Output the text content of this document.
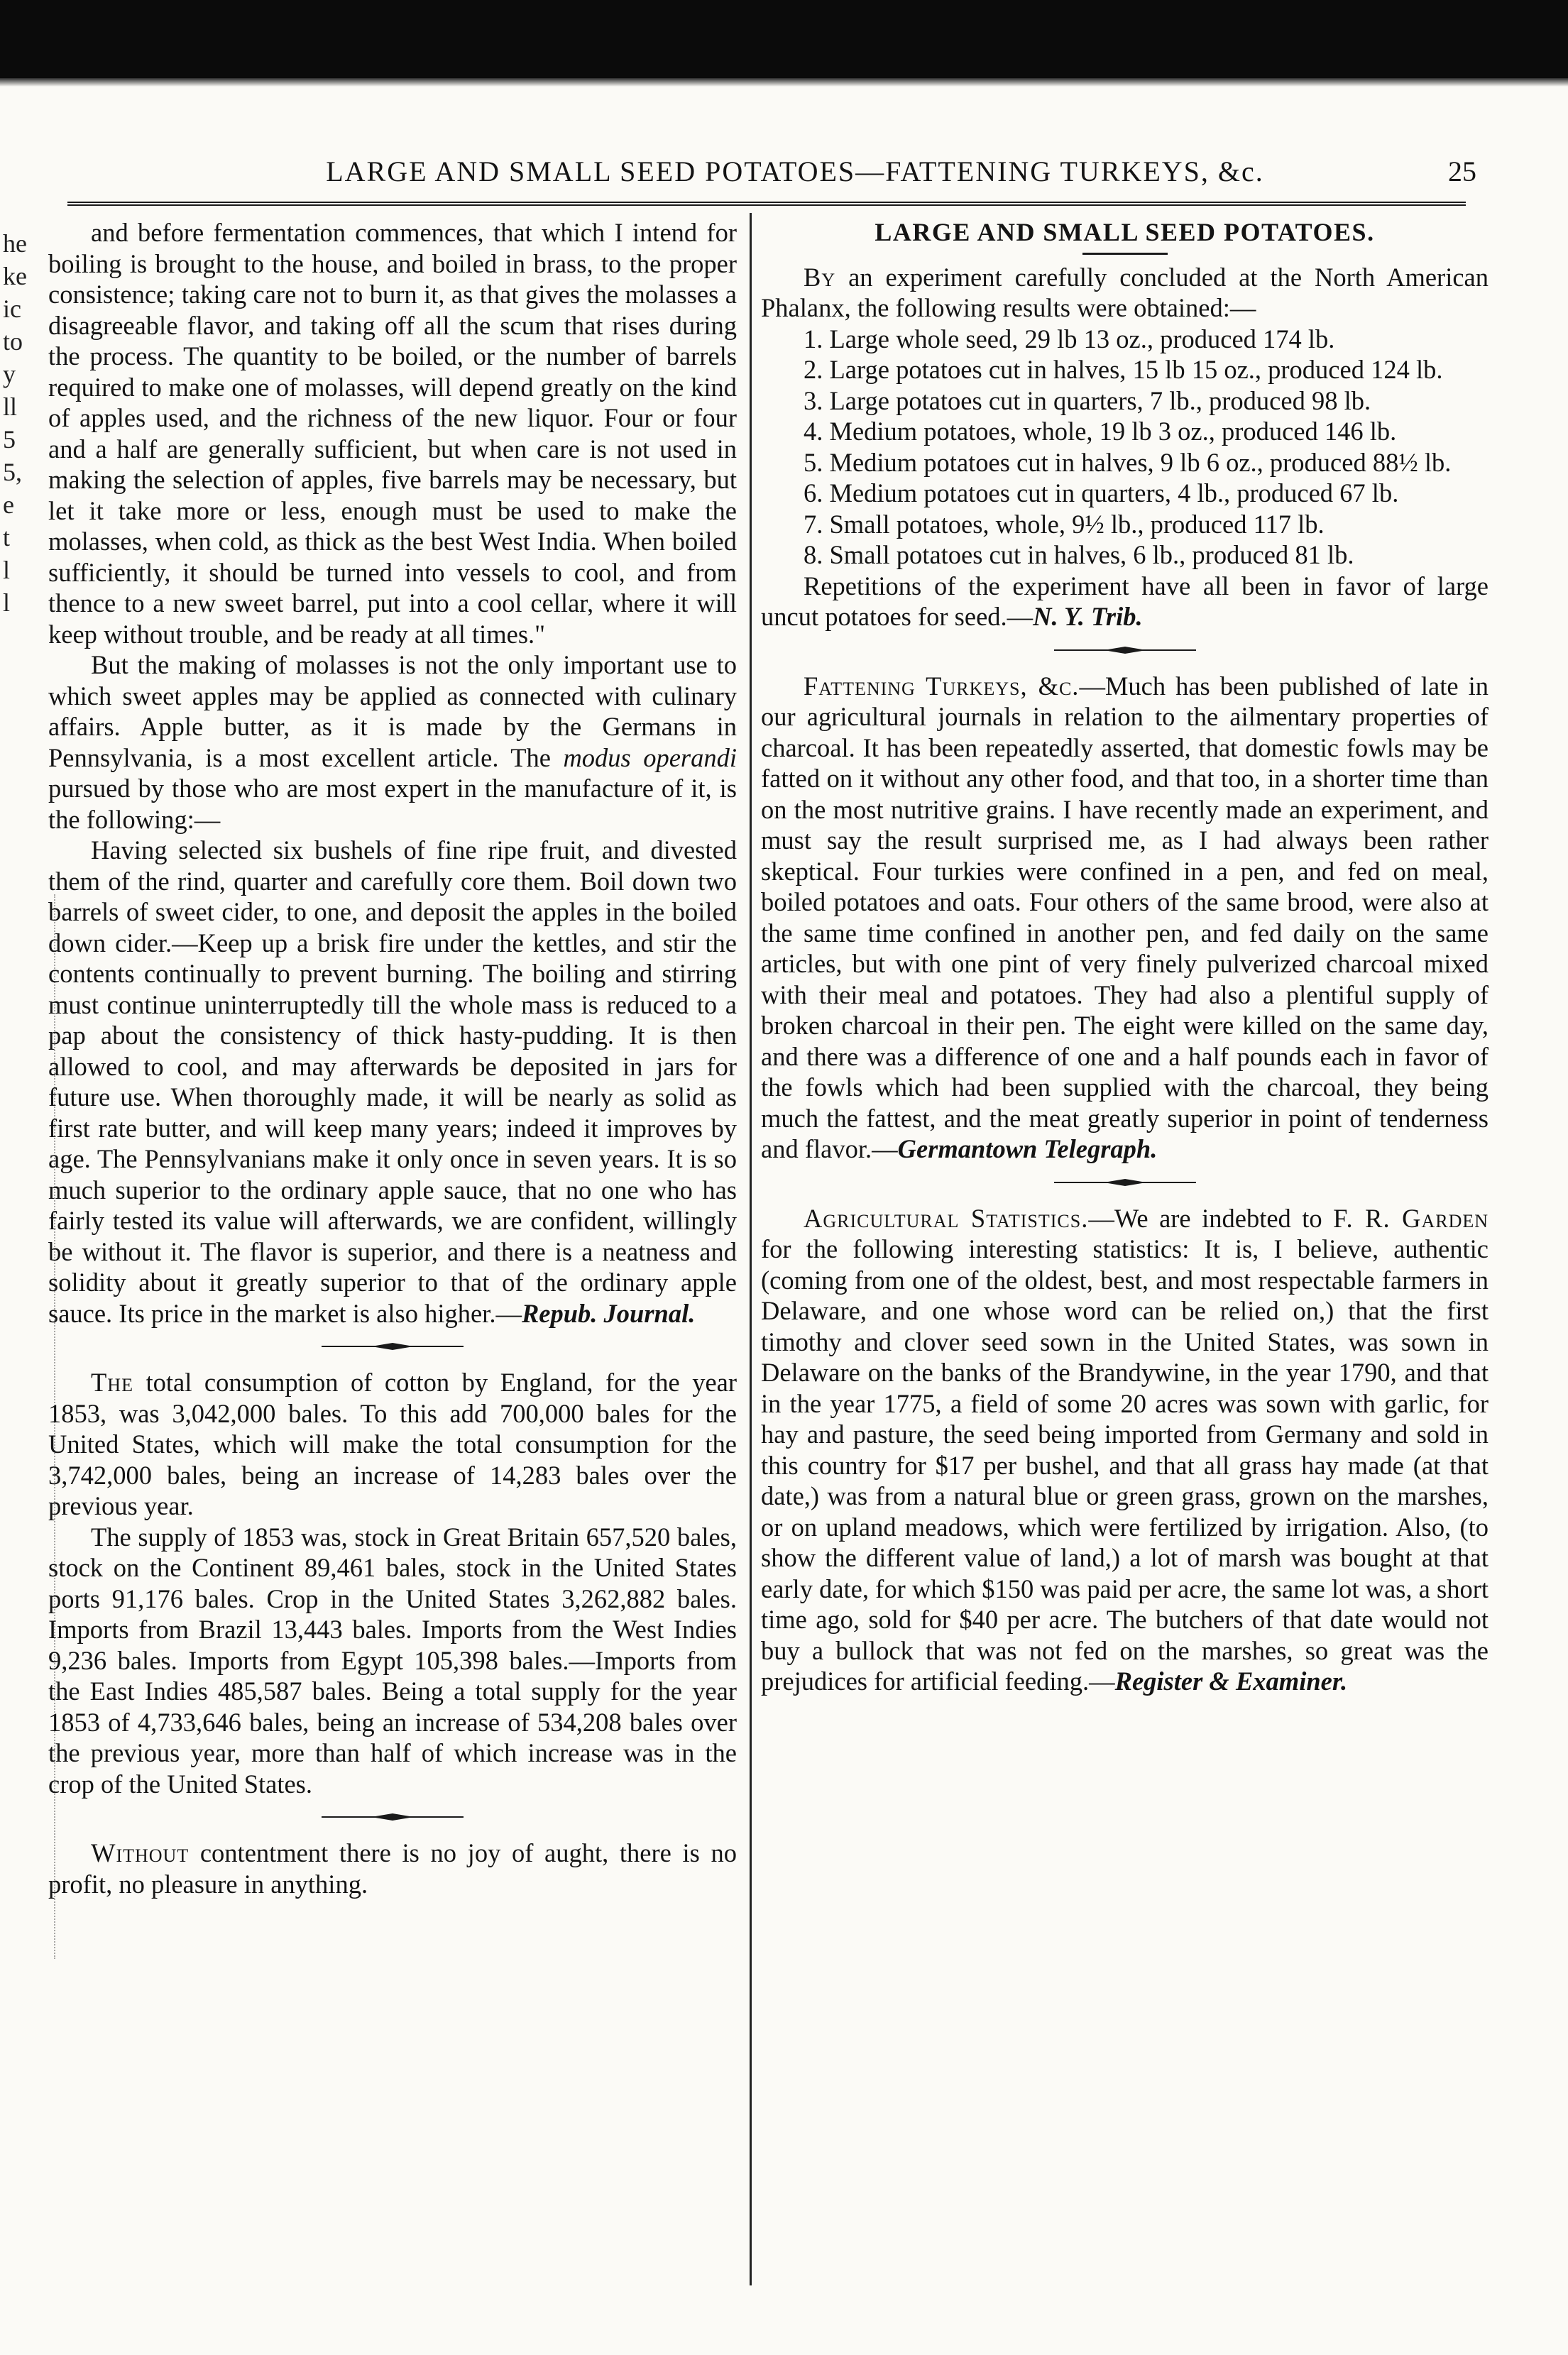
LARGE AND SMALL SEED POTATOES—FATTENING TURKEYS, &c.	25
he
ke
ic
to
y
ll
5
5,
e
t
l
l

and before fermentation commences, that which I intend for boiling is brought to the house, and boiled in brass, to the proper consistence; taking care not to burn it, as that gives the molasses a disagreeable flavor, and taking off all the scum that rises during the process. The quantity to be boiled, or the number of barrels required to make one of molasses, will depend greatly on the kind of apples used, and the richness of the new liquor. Four or four and a half are generally sufficient, but when care is not used in making the selection of apples, five barrels may be necessary, but let it take more or less, enough must be used to make the molasses, when cold, as thick as the best West India. When boiled sufficiently, it should be turned into vessels to cool, and from thence to a new sweet barrel, put into a cool cellar, where it will keep without trouble, and be ready at all times."

But the making of molasses is not the only important use to which sweet apples may be applied as connected with culinary affairs. Apple butter, as it is made by the Germans in Pennsylvania, is a most excellent article. The modus operandi pursued by those who are most expert in the manufacture of it, is the following:—

Having selected six bushels of fine ripe fruit, and divested them of the rind, quarter and carefully core them. Boil down two barrels of sweet cider, to one, and deposit the apples in the boiled down cider.—Keep up a brisk fire under the kettles, and stir the contents continually to prevent burning. The boiling and stirring must continue uninterruptedly till the whole mass is reduced to a pap about the consistency of thick hasty-pudding. It is then allowed to cool, and may afterwards be deposited in jars for future use. When thoroughly made, it will be nearly as solid as first rate butter, and will keep many years; indeed it improves by age. The Pennsylvanians make it only once in seven years. It is so much superior to the ordinary apple sauce, that no one who has fairly tested its value will afterwards, we are confident, willingly be without it. The flavor is superior, and there is a neatness and solidity about it greatly superior to that of the ordinary apple sauce. Its price in the market is also higher.—Repub. Journal.

The total consumption of cotton by England, for the year 1853, was 3,042,000 bales. To this add 700,000 bales for the United States, which will make the total consumption for the 3,742,000 bales, being an increase of 14,283 bales over the previous year.

The supply of 1853 was, stock in Great Britain 657,520 bales, stock on the Continent 89,461 bales, stock in the United States ports 91,176 bales. Crop in the United States 3,262,882 bales. Imports from Brazil 13,443 bales. Imports from the West Indies 9,236 bales. Imports from Egypt 105,398 bales.—Imports from the East Indies 485,587 bales. Being a total supply for the year 1853 of 4,733,646 bales, being an increase of 534,208 bales over the previous year, more than half of which increase was in the crop of the United States.

Without contentment there is no joy of aught, there is no profit, no pleasure in anything.

LARGE AND SMALL SEED POTATOES.

By an experiment carefully concluded at the North American Phalanx, the following results were obtained:—

1. Large whole seed, 29 lb 13 oz., produced 174 lb.

2. Large potatoes cut in halves, 15 lb 15 oz., produced 124 lb.

3. Large potatoes cut in quarters, 7 lb., produced 98 lb.

4. Medium potatoes, whole, 19 lb 3 oz., produced 146 lb.

5. Medium potatoes cut in halves, 9 lb 6 oz., produced 88½ lb.

6. Medium potatoes cut in quarters, 4 lb., produced 67 lb.

7. Small potatoes, whole, 9½ lb., produced 117 lb.

8. Small potatoes cut in halves, 6 lb., produced 81 lb.

Repetitions of the experiment have all been in favor of large uncut potatoes for seed.—N. Y. Trib.

Fattening Turkeys, &c.—Much has been published of late in our agricultural journals in relation to the ailmentary properties of charcoal. It has been repeatedly asserted, that domestic fowls may be fatted on it without any other food, and that too, in a shorter time than on the most nutritive grains. I have recently made an experiment, and must say the result surprised me, as I had always been rather skeptical. Four turkies were confined in a pen, and fed on meal, boiled potatoes and oats. Four others of the same brood, were also at the same time confined in another pen, and fed daily on the same articles, but with one pint of very finely pulverized charcoal mixed with their meal and potatoes. They had also a plentiful supply of broken charcoal in their pen. The eight were killed on the same day, and there was a difference of one and a half pounds each in favor of the fowls which had been supplied with the charcoal, they being much the fattest, and the meat greatly superior in point of tenderness and flavor.—Germantown Telegraph.

Agricultural Statistics.—We are indebted to F. R. Garden for the following interesting statistics: It is, I believe, authentic (coming from one of the oldest, best, and most respectable farmers in Delaware, and one whose word can be relied on,) that the first timothy and clover seed sown in the United States, was sown in Delaware on the banks of the Brandywine, in the year 1790, and that in the year 1775, a field of some 20 acres was sown with garlic, for hay and pasture, the seed being imported from Germany and sold in this country for $17 per bushel, and that all grass hay made (at that date,) was from a natural blue or green grass, grown on the marshes, or on upland meadows, which were fertilized by irrigation. Also, (to show the different value of land,) a lot of marsh was bought at that early date, for which $150 was paid per acre, the same lot was, a short time ago, sold for $40 per acre. The butchers of that date would not buy a bullock that was not fed on the marshes, so great was the prejudices for artificial feeding.—Register & Examiner.
